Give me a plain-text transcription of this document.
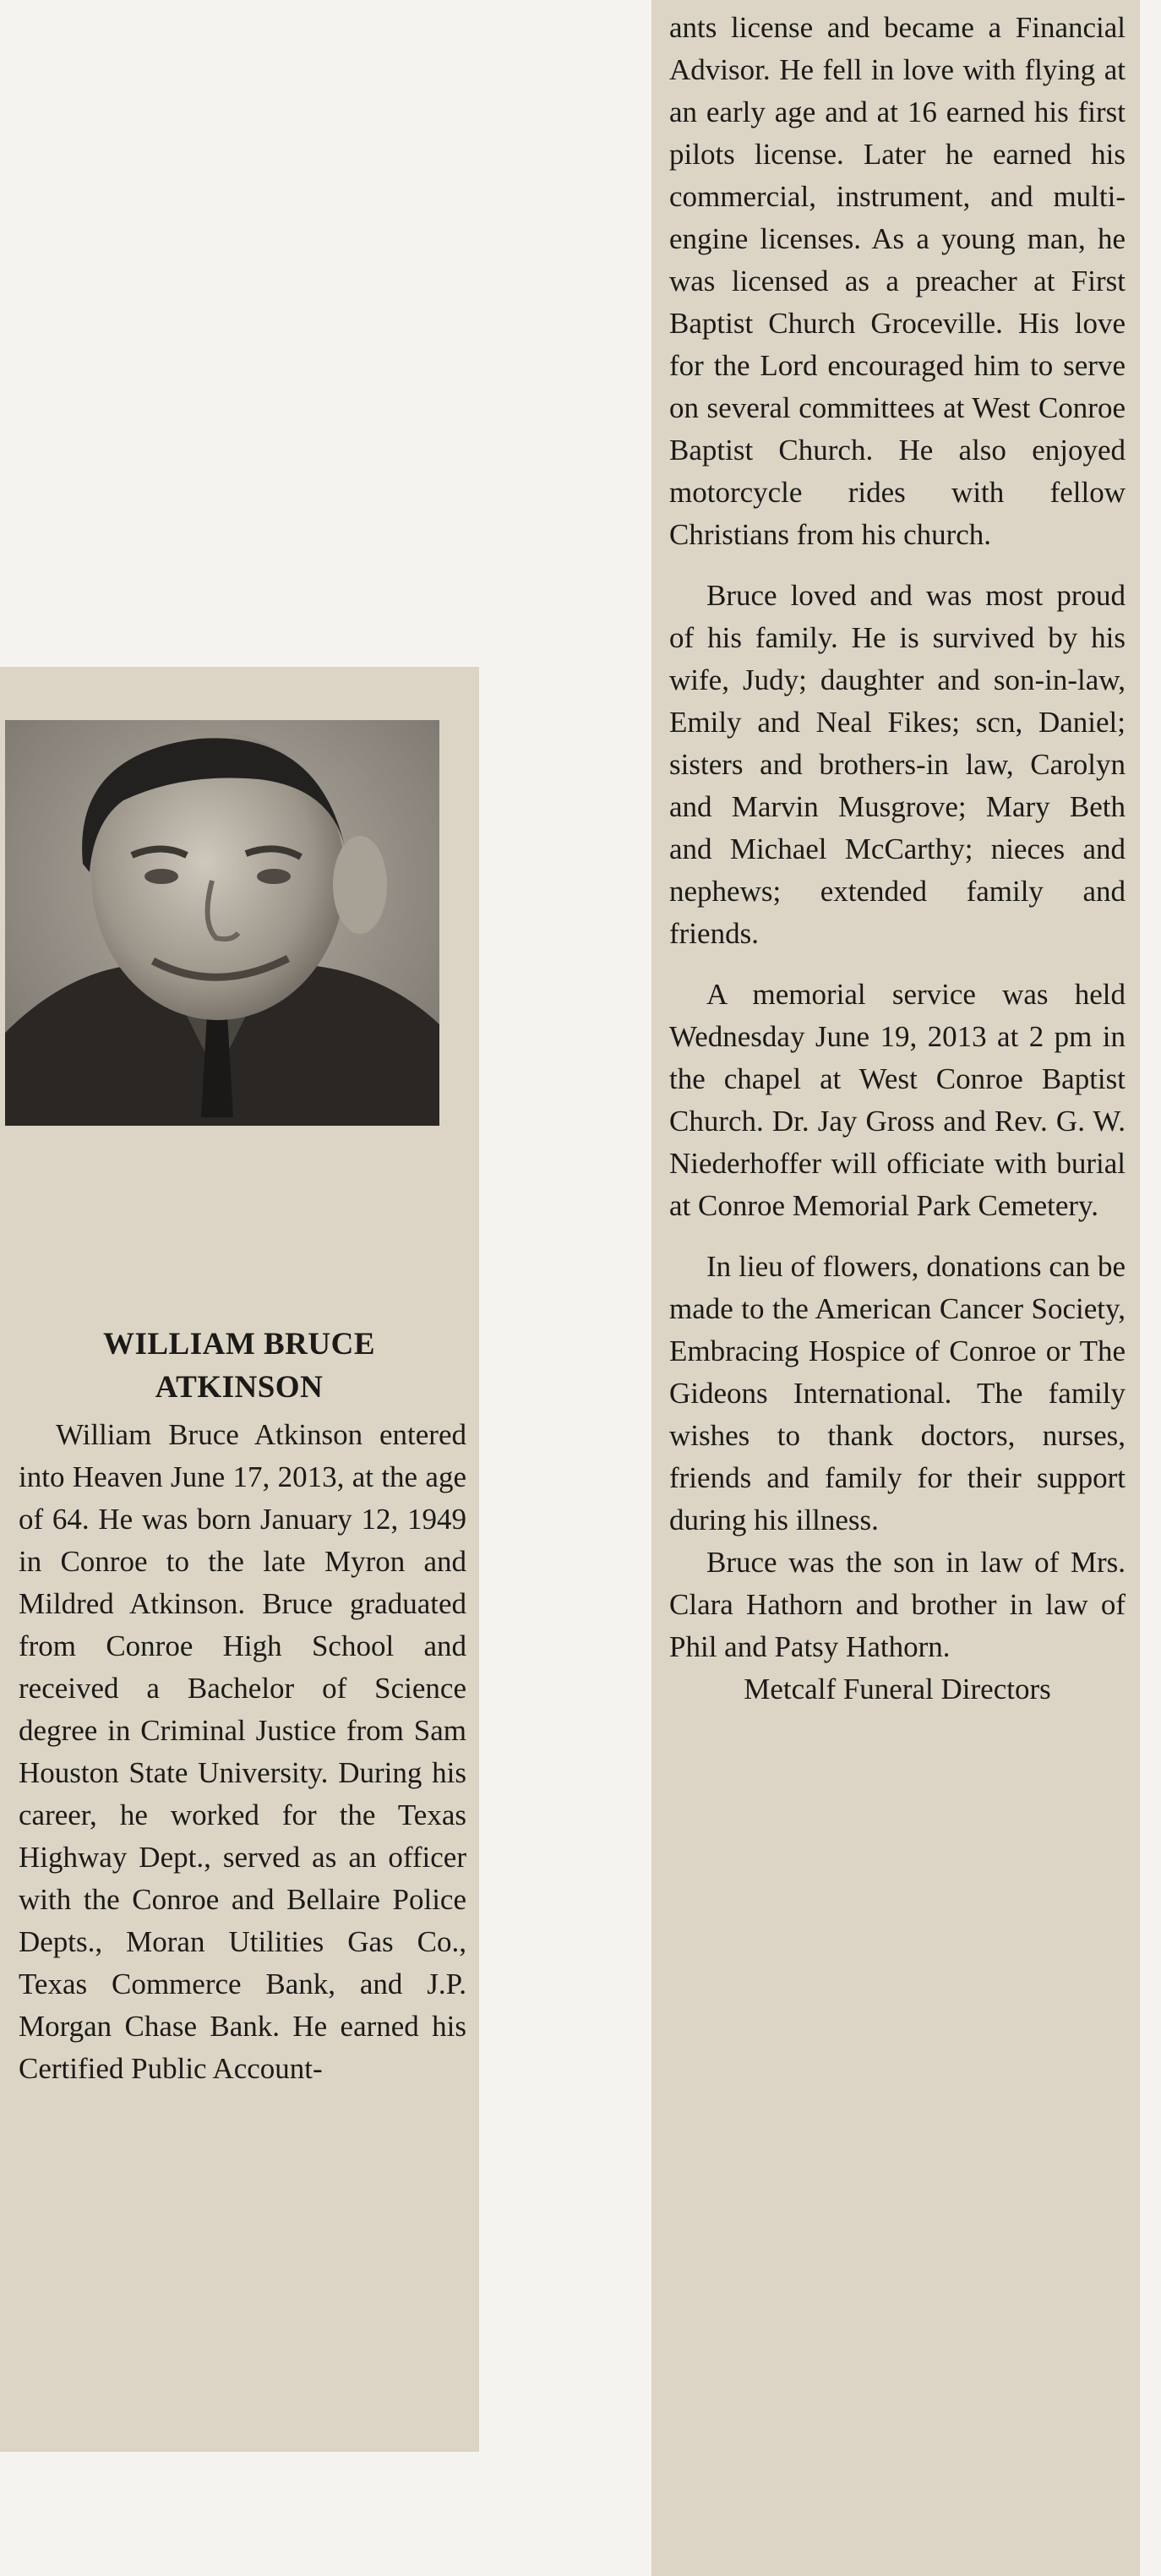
WILLIAM BRUCE
ATKINSON

William Bruce Atkinson entered into Heaven June 17, 2013, at the age of 64. He was born January 12, 1949 in Conroe to the late Myron and Mildred Atkinson. Bruce graduated from Conroe High School and received a Bachelor of Science degree in Criminal Justice from Sam Houston State University. During his career, he worked for the Texas Highway Dept., served as an officer with the Conroe and Bellaire Police Depts., Moran Utilities Gas Co., Texas Commerce Bank, and J.P. Morgan Chase Bank. He earned his Certified Public Account-

ants license and became a Financial Advisor. He fell in love with flying at an early age and at 16 earned his first pilots license. Later he earned his commercial, instrument, and multi-engine licenses. As a young man, he was licensed as a preacher at First Baptist Church Groceville. His love for the Lord encouraged him to serve on several committees at West Conroe Baptist Church. He also enjoyed motorcycle rides with fellow Christians from his church.

Bruce loved and was most proud of his family. He is survived by his wife, Judy; daughter and son-in-law, Emily and Neal Fikes; scn, Daniel; sisters and brothers-in law, Carolyn and Marvin Musgrove; Mary Beth and Michael McCarthy; nieces and nephews; extended family and friends.

A memorial service was held Wednesday June 19, 2013 at 2 pm in the chapel at West Conroe Baptist Church. Dr. Jay Gross and Rev. G. W. Niederhoffer will officiate with burial at Conroe Memorial Park Cemetery.

In lieu of flowers, donations can be made to the American Cancer Society, Embracing Hospice of Conroe or The Gideons International. The family wishes to thank doctors, nurses, friends and family for their support during his illness.

Bruce was the son in law of Mrs. Clara Hathorn and brother in law of Phil and Patsy Hathorn.

Metcalf Funeral Directors
